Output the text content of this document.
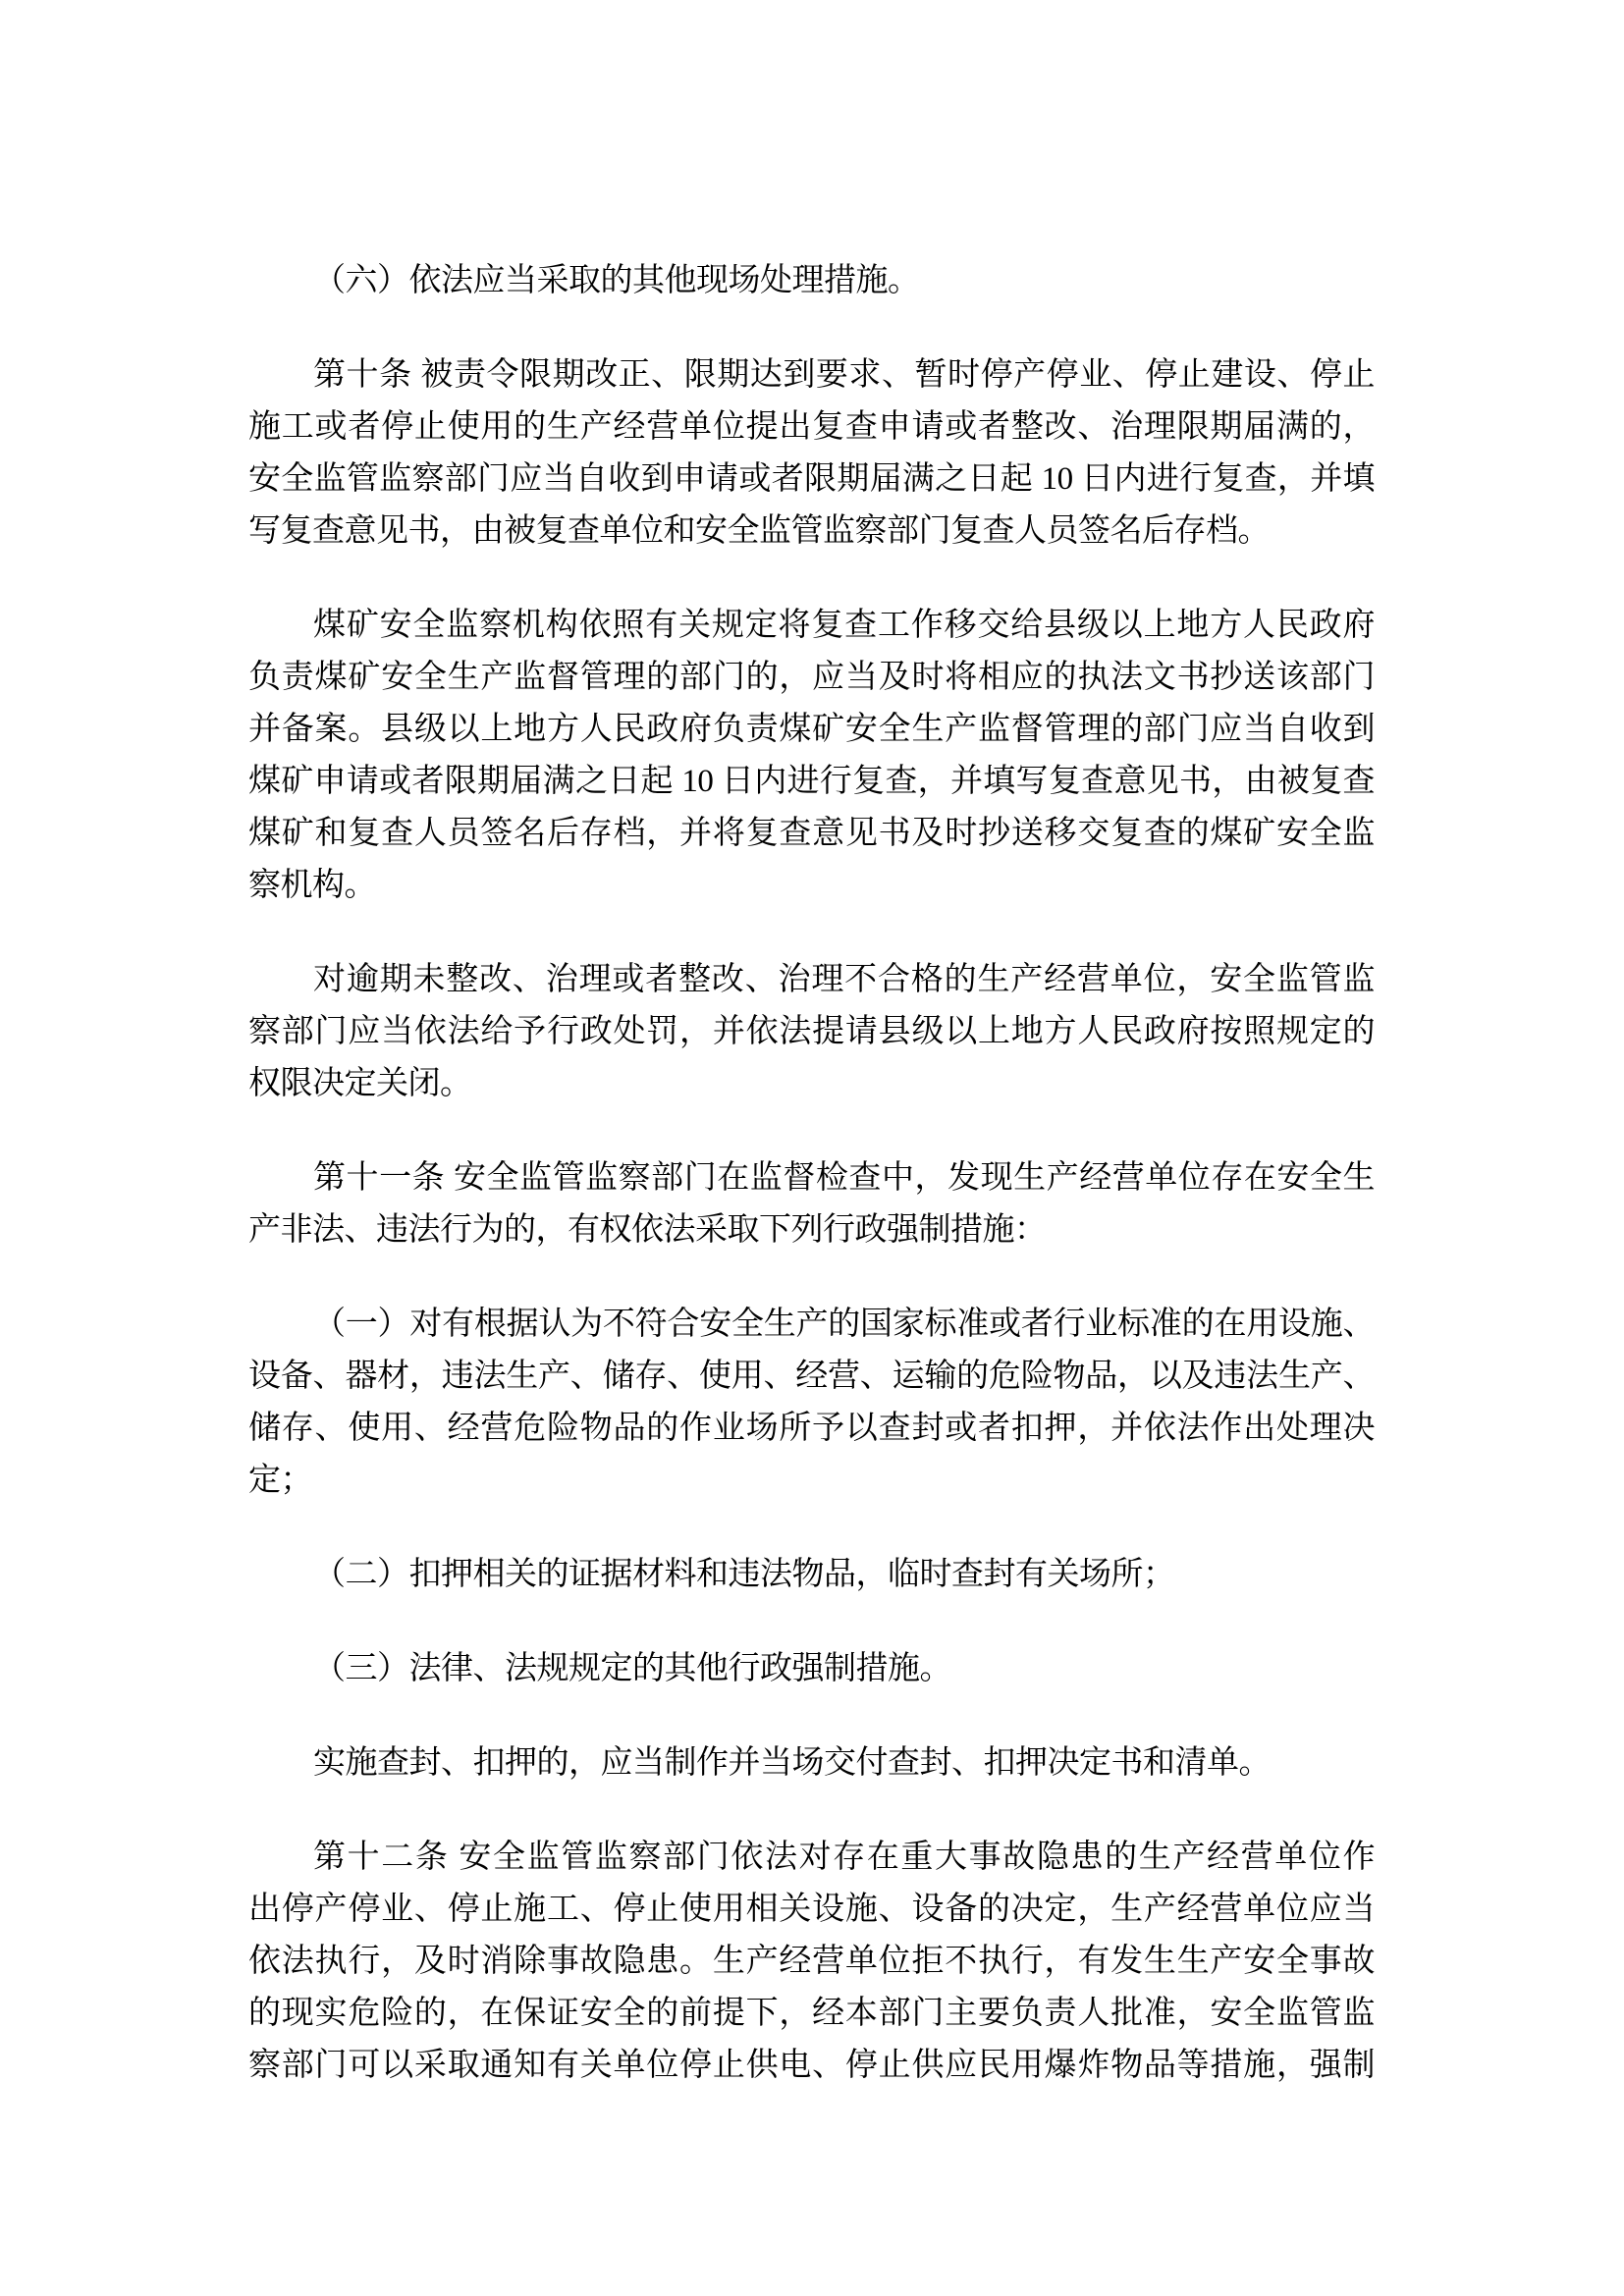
（六）依法应当采取的其他现场处理措施。

第十条 被责令限期改正、限期达到要求、暂时停产停业、停止建设、停止
施工或者停止使用的生产经营单位提出复查申请或者整改、治理限期届满的，
安全监管监察部门应当自收到申请或者限期届满之日起 10 日内进行复查，并填
写复查意见书，由被复查单位和安全监管监察部门复查人员签名后存档。

煤矿安全监察机构依照有关规定将复查工作移交给县级以上地方人民政府
负责煤矿安全生产监督管理的部门的，应当及时将相应的执法文书抄送该部门
并备案。县级以上地方人民政府负责煤矿安全生产监督管理的部门应当自收到
煤矿申请或者限期届满之日起 10 日内进行复查，并填写复查意见书，由被复查
煤矿和复查人员签名后存档，并将复查意见书及时抄送移交复查的煤矿安全监
察机构。

对逾期未整改、治理或者整改、治理不合格的生产经营单位，安全监管监
察部门应当依法给予行政处罚，并依法提请县级以上地方人民政府按照规定的
权限决定关闭。

第十一条 安全监管监察部门在监督检查中，发现生产经营单位存在安全生
产非法、违法行为的，有权依法采取下列行政强制措施：

（一）对有根据认为不符合安全生产的国家标准或者行业标准的在用设施、
设备、器材，违法生产、储存、使用、经营、运输的危险物品，以及违法生产、
储存、使用、经营危险物品的作业场所予以查封或者扣押，并依法作出处理决
定；

（二）扣押相关的证据材料和违法物品，临时查封有关场所；

（三）法律、法规规定的其他行政强制措施。

实施查封、扣押的，应当制作并当场交付查封、扣押决定书和清单。

第十二条 安全监管监察部门依法对存在重大事故隐患的生产经营单位作
出停产停业、停止施工、停止使用相关设施、设备的决定，生产经营单位应当
依法执行，及时消除事故隐患。生产经营单位拒不执行，有发生生产安全事故
的现实危险的，在保证安全的前提下，经本部门主要负责人批准，安全监管监
察部门可以采取通知有关单位停止供电、停止供应民用爆炸物品等措施，强制
